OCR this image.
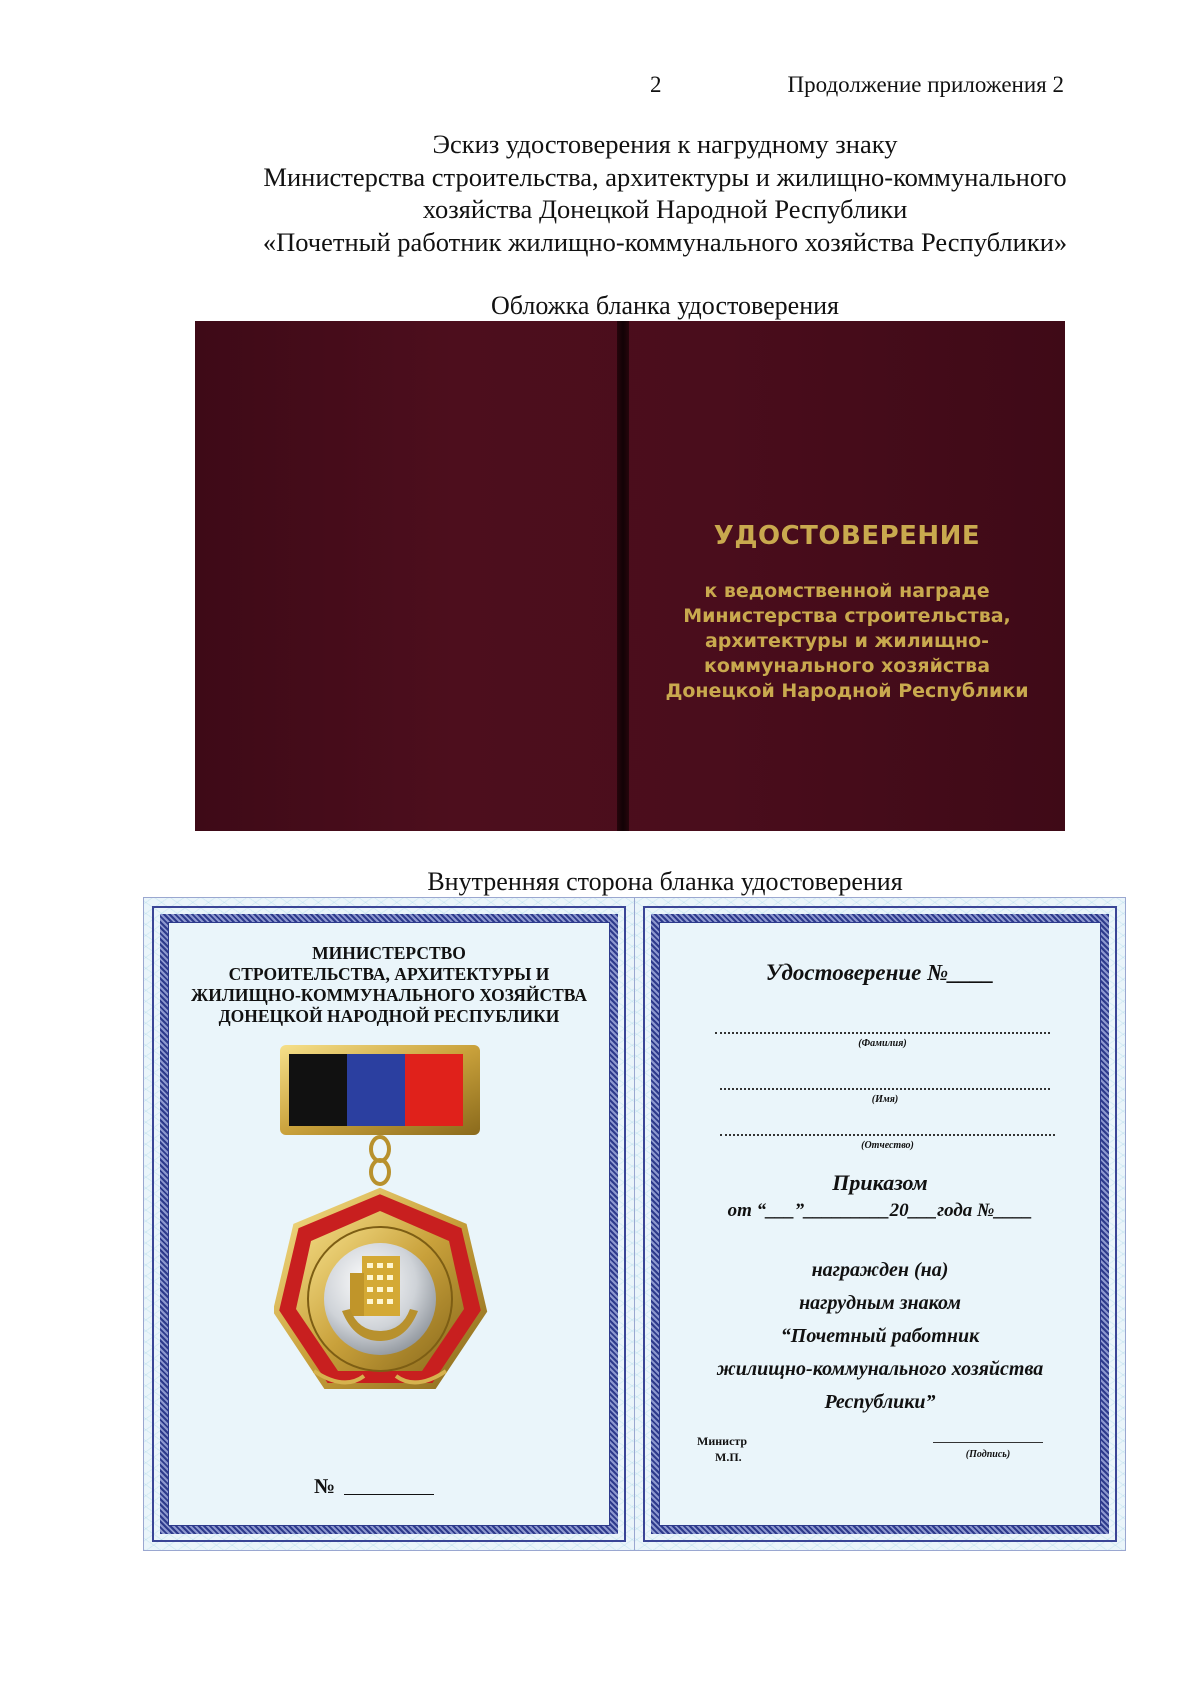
2	Продолжение приложения 2
Эскиз удостоверения к нагрудному знаку
Министерства строительства, архитектуры и жилищно-коммунального
хозяйства Донецкой Народной Республики
«Почетный работник жилищно-коммунального хозяйства Республики»
Обложка бланка удостоверения
УДОСТОВЕРЕНИЕ
к ведомственной награде
Министерства строительства,
архитектуры и жилищно-
коммунального хозяйства
Донецкой Народной Республики
Внутренняя сторона бланка удостоверения
МИНИСТЕРСТВО
СТРОИТЕЛЬСТВА, АРХИТЕКТУРЫ И
ЖИЛИЩНО-КОММУНАЛЬНОГО ХОЗЯЙСТВА
ДОНЕЦКОЙ НАРОДНОЙ РЕСПУБЛИКИ
№
Удостоверение №____
(Фамилия)
(Имя)
(Отчество)
Приказом
от “___”_________20___года №____
награжден (на)
нагрудным знаком
“Почетный работник
жилищно-коммунального хозяйства
Республики”
Министр
М.П.	(Подпись)
